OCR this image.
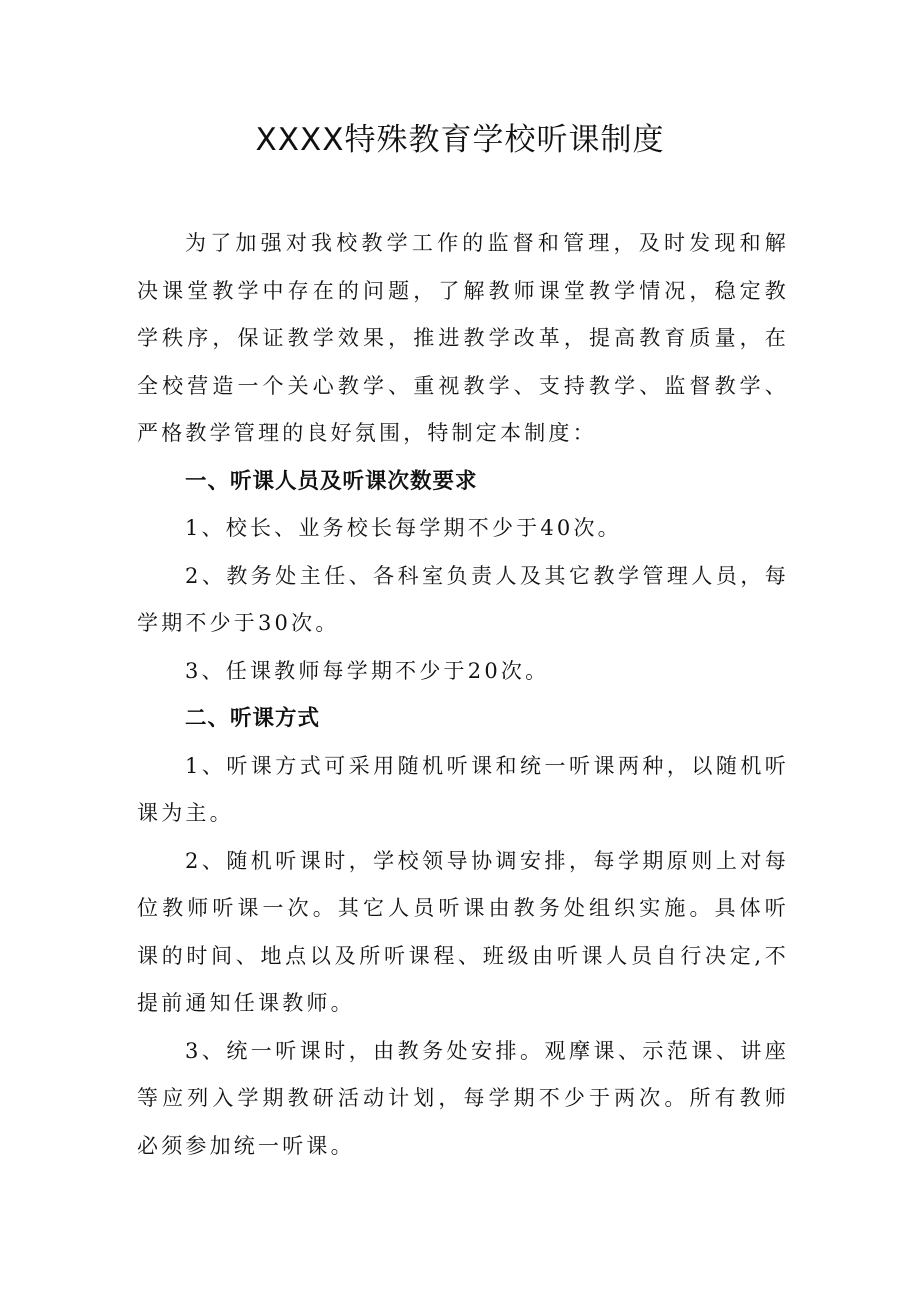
XXXX特殊教育学校听课制度

为了加强对我校教学工作的监督和管理，及时发现和解决课堂教学中存在的问题，了解教师课堂教学情况，稳定教学秩序，保证教学效果，推进教学改革，提高教育质量，在全校营造一个关心教学、重视教学、支持教学、监督教学、严格教学管理的良好氛围，特制定本制度：

一、听课人员及听课次数要求

1、校长、业务校长每学期不少于40次。

2、教务处主任、各科室负责人及其它教学管理人员，每学期不少于30次。

3、任课教师每学期不少于20次。

二、听课方式

1、听课方式可采用随机听课和统一听课两种，以随机听课为主。

2、随机听课时，学校领导协调安排，每学期原则上对每位教师听课一次。其它人员听课由教务处组织实施。具体听课的时间、地点以及所听课程、班级由听课人员自行决定,不提前通知任课教师。

3、统一听课时，由教务处安排。观摩课、示范课、讲座等应列入学期教研活动计划，每学期不少于两次。所有教师必须参加统一听课。
